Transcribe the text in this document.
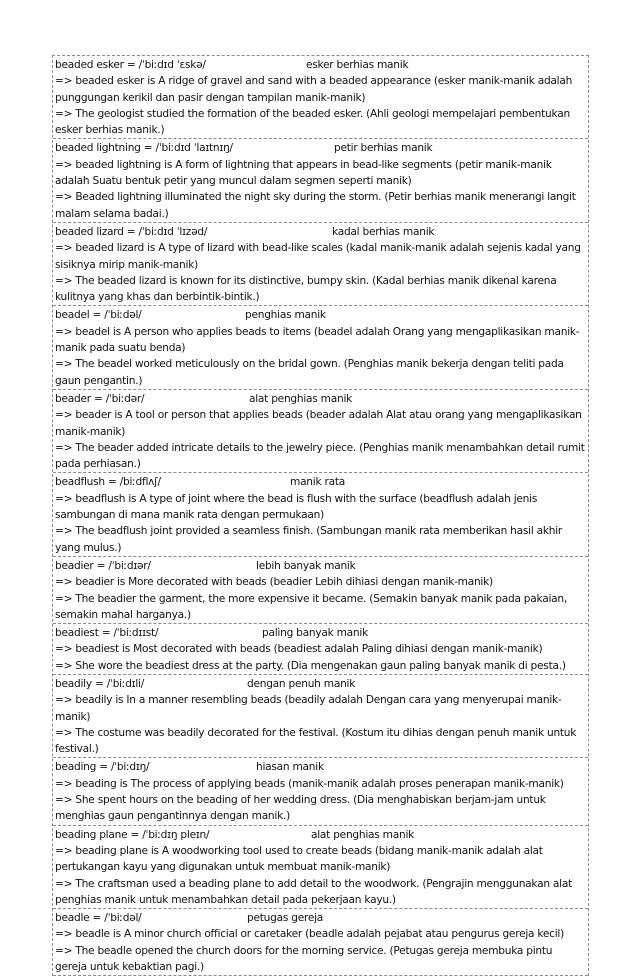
beaded esker = /ˈbiːdɪd ˈɛskə/	esker berhias manik
=> beaded esker is A ridge of gravel and sand with a beaded appearance (esker manik-manik adalah punggungan kerikil dan pasir dengan tampilan manik-manik)
=> The geologist studied the formation of the beaded esker. (Ahli geologi mempelajari pembentukan esker berhias manik.)
beaded lightning = /ˈbiːdɪd ˈlaɪtnɪŋ/	petir berhias manik
=> beaded lightning is A form of lightning that appears in bead-like segments (petir manik-manik adalah Suatu bentuk petir yang muncul dalam segmen seperti manik)
=> Beaded lightning illuminated the night sky during the storm. (Petir berhias manik menerangi langit malam selama badai.)
beaded lizard = /ˈbiːdɪd ˈlɪzəd/	kadal berhias manik
=> beaded lizard is A type of lizard with bead-like scales (kadal manik-manik adalah sejenis kadal yang sisiknya mirip manik-manik)
=> The beaded lizard is known for its distinctive, bumpy skin. (Kadal berhias manik dikenal karena kulitnya yang khas dan berbintik-bintik.)
beadel = /ˈbiːdəl/	penghias manik
=> beadel is A person who applies beads to items (beadel adalah Orang yang mengaplikasikan manik-manik pada suatu benda)
=> The beadel worked meticulously on the bridal gown. (Penghias manik bekerja dengan teliti pada gaun pengantin.)
beader = /ˈbiːdər/	alat penghias manik
=> beader is A tool or person that applies beads (beader adalah Alat atau orang yang mengaplikasikan manik-manik)
=> The beader added intricate details to the jewelry piece. (Penghias manik menambahkan detail rumit pada perhiasan.)
beadflush = /biːdflʌʃ/	manik rata
=> beadflush is A type of joint where the bead is flush with the surface (beadflush adalah jenis sambungan di mana manik rata dengan permukaan)
=> The beadflush joint provided a seamless finish. (Sambungan manik rata memberikan hasil akhir yang mulus.)
beadier = /ˈbiːdɪər/	lebih banyak manik
=> beadier is More decorated with beads (beadier Lebih dihiasi dengan manik-manik)
=> The beadier the garment, the more expensive it became. (Semakin banyak manik pada pakaian, semakin mahal harganya.)
beadiest = /ˈbiːdɪɪst/	paling banyak manik
=> beadiest is Most decorated with beads (beadiest adalah Paling dihiasi dengan manik-manik)
=> She wore the beadiest dress at the party. (Dia mengenakan gaun paling banyak manik di pesta.)
beadily = /ˈbiːdɪli/	dengan penuh manik
=> beadily is In a manner resembling beads (beadily adalah Dengan cara yang menyerupai manik-manik)
=> The costume was beadily decorated for the festival. (Kostum itu dihias dengan penuh manik untuk festival.)
beading = /ˈbiːdɪŋ/	hiasan manik
=> beading is The process of applying beads (manik-manik adalah proses penerapan manik-manik)
=> She spent hours on the beading of her wedding dress. (Dia menghabiskan berjam-jam untuk menghias gaun pengantinnya dengan manik.)
beading plane = /ˈbiːdɪŋ pleɪn/	alat penghias manik
=> beading plane is A woodworking tool used to create beads (bidang manik-manik adalah alat pertukangan kayu yang digunakan untuk membuat manik-manik)
=> The craftsman used a beading plane to add detail to the woodwork. (Pengrajin menggunakan alat penghias manik untuk menambahkan detail pada pekerjaan kayu.)
beadle = /ˈbiːdəl/	petugas gereja
=> beadle is A minor church official or caretaker (beadle adalah pejabat atau pengurus gereja kecil)
=> The beadle opened the church doors for the morning service. (Petugas gereja membuka pintu gereja untuk kebaktian pagi.)
